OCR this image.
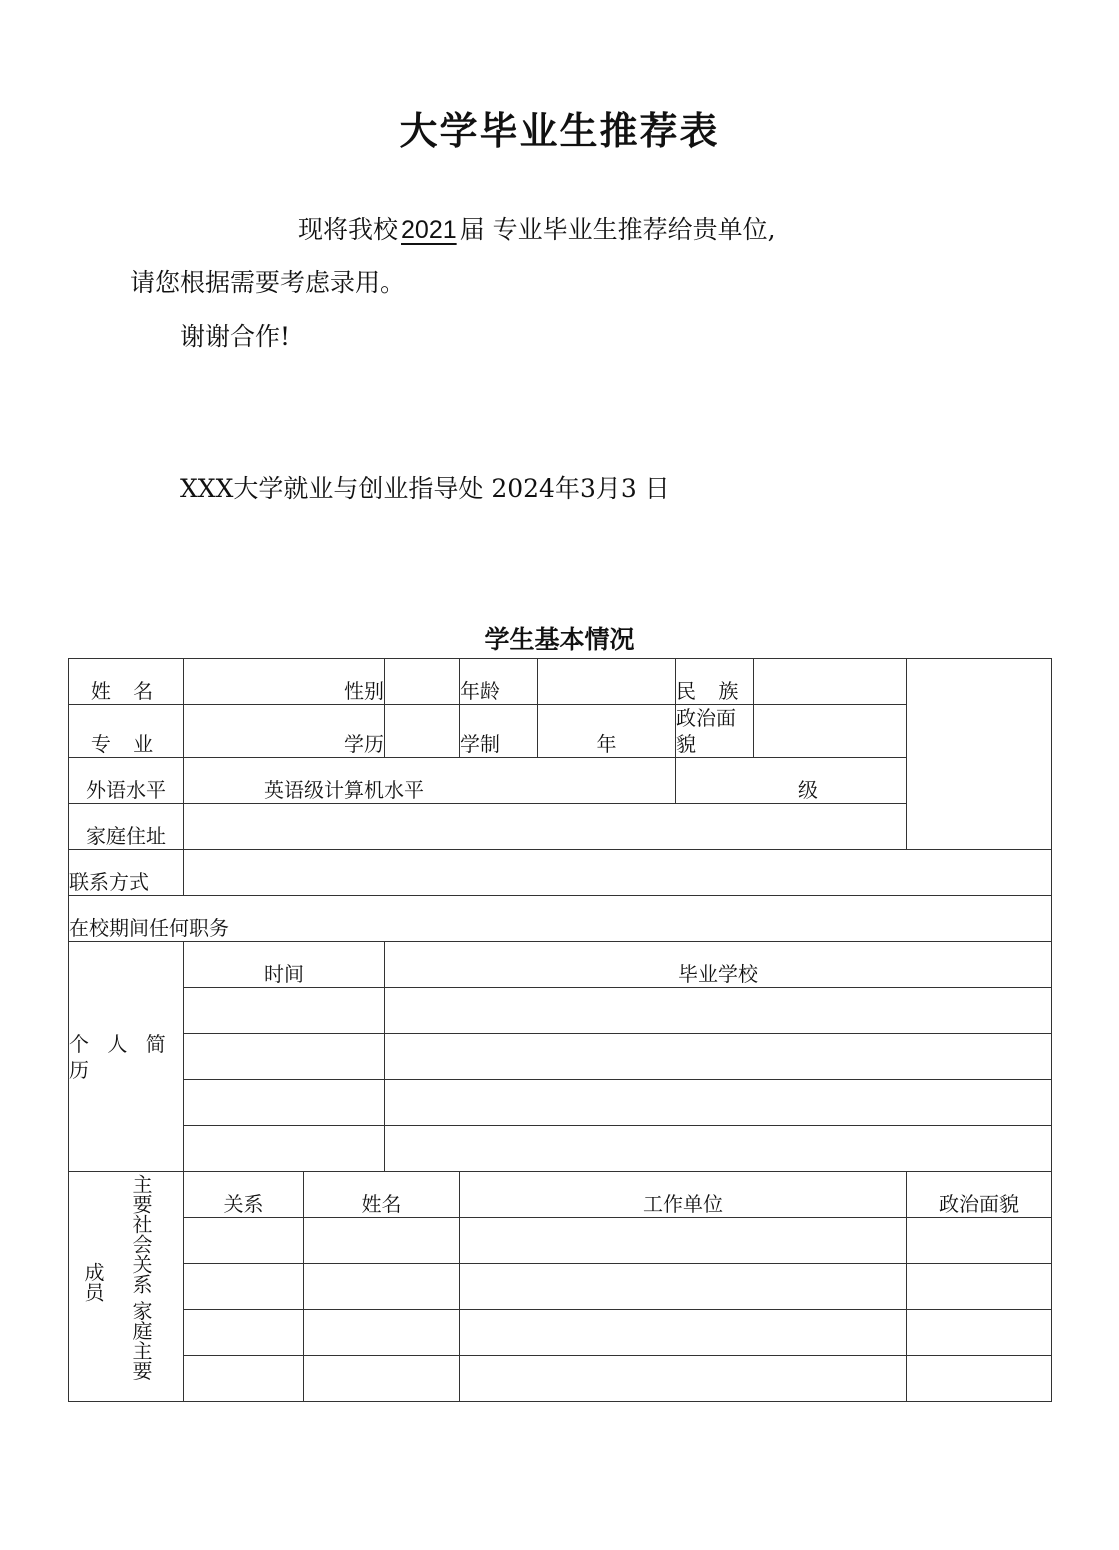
大学毕业生推荐表
现将我校 2021 届 专业毕业生推荐给贵单位,
请您根据需要考虑录用。
谢谢合作!
XXX大学就业与创业指导处 2024年3月3 日
学生基本情况
姓 名	性别			年龄		民 族		
专 业	学历			学制	年	政治面貌		
外语水平	英语级计算机水平					级		
家庭住址								
联系方式								
在校期间任何职务								
个 人 简 历	时间		毕业学校					

成员 主要社会关系 家庭主要	关系	姓名		工作单位				政治面貌
